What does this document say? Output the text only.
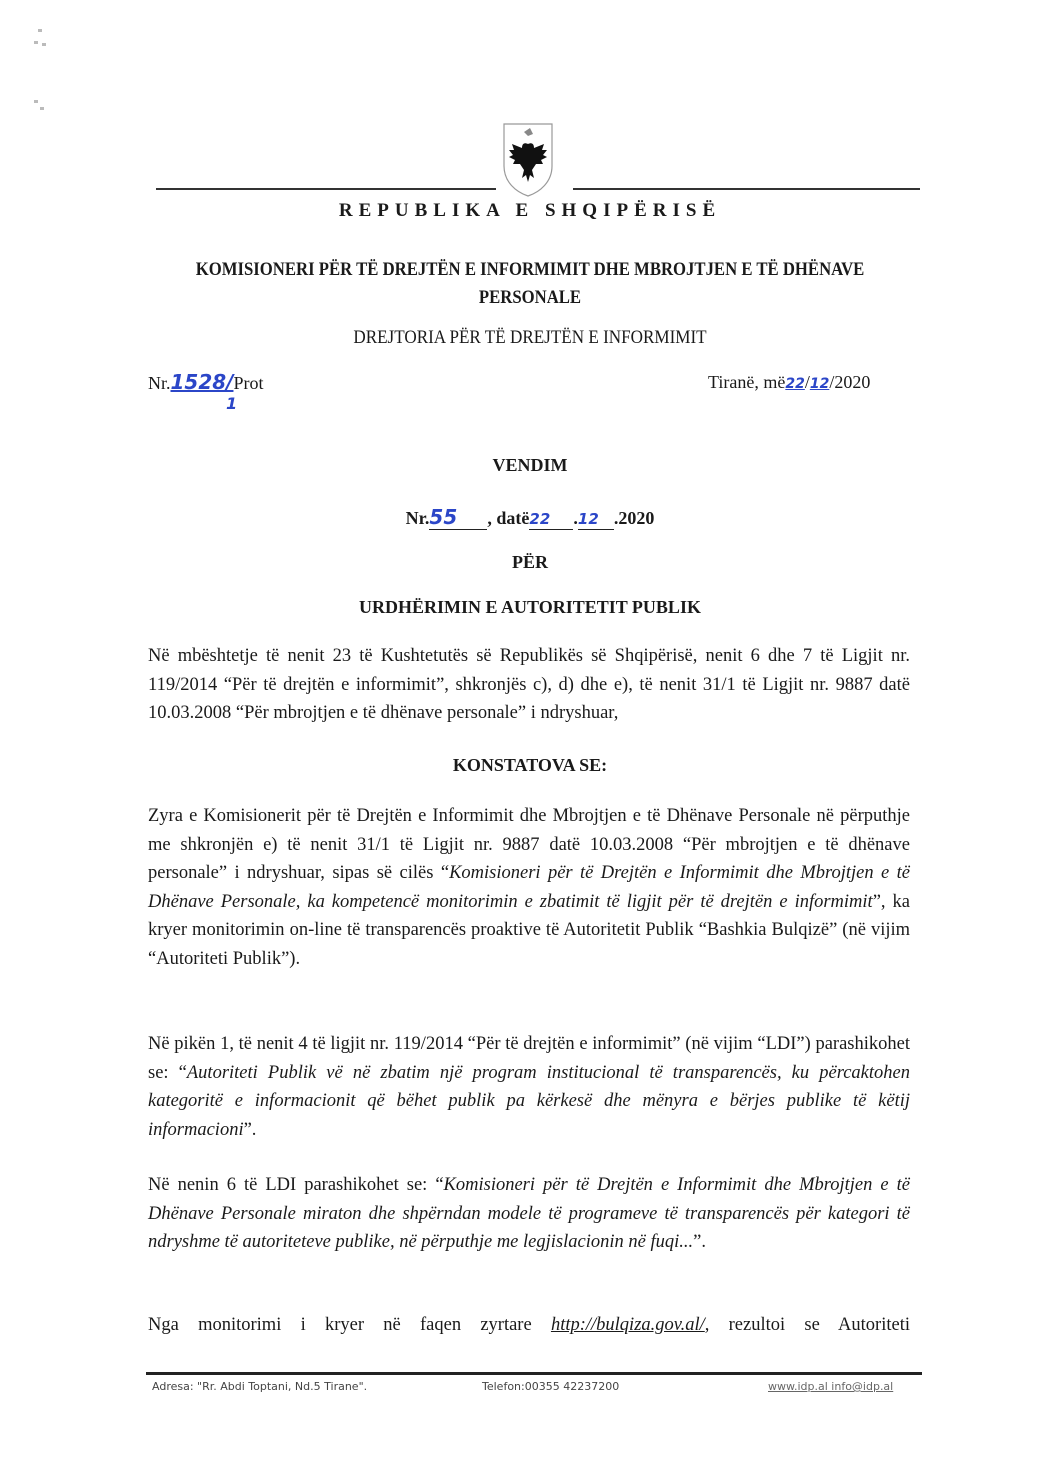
REPUBLIKA E SHQIPËRISË
KOMISIONERI PËR TË DREJTËN E INFORMIMIT DHE MBROJTJEN E TË DHËNAVE PERSONALE
DREJTORIA PËR TË DREJTËN E INFORMIMIT
Nr.1528/Prot
1
Tiranë, më22/12/2020
VENDIM
Nr.55 , datë22 .12 .2020
PËR
URDHËRIMIN E AUTORITETIT PUBLIK
Në mbështetje të nenit 23 të Kushtetutës së Republikës së Shqipërisë, nenit 6 dhe 7 të Ligjit nr. 119/2014 “Për të drejtën e informimit”, shkronjës c), d) dhe e), të nenit 31/1 të Ligjit nr. 9887 datë 10.03.2008 “Për mbrojtjen e të dhënave personale” i ndryshuar,
KONSTATOVA SE:
Zyra e Komisionerit për të Drejtën e Informimit dhe Mbrojtjen e të Dhënave Personale në përputhje me shkronjën e) të nenit 31/1 të Ligjit nr. 9887 datë 10.03.2008 “Për mbrojtjen e të dhënave personale” i ndryshuar, sipas së cilës “Komisioneri për të Drejtën e Informimit dhe Mbrojtjen e të Dhënave Personale, ka kompetencë monitorimin e zbatimit të ligjit për të drejtën e informimit”, ka kryer monitorimin on-line të transparencës proaktive të Autoritetit Publik “Bashkia Bulqizë” (në vijim “Autoriteti Publik”).
Në pikën 1, të nenit 4 të ligjit nr. 119/2014 “Për të drejtën e informimit” (në vijim “LDI”) parashikohet se: “Autoriteti Publik vë në zbatim një program institucional të transparencës, ku përcaktohen kategoritë e informacionit që bëhet publik pa kërkesë dhe mënyra e bërjes publike të këtij informacioni”.
Në nenin 6 të LDI parashikohet se: “Komisioneri për të Drejtën e Informimit dhe Mbrojtjen e të Dhënave Personale miraton dhe shpërndan modele të programeve të transparencës për kategori të ndryshme të autoriteteve publike, në përputhje me legjislacionin në fuqi...”.
Nga monitorimi i kryer në faqen zyrtare http://bulqiza.gov.al/, rezultoi se Autoriteti
Adresa: "Rr. Abdi Toptani, Nd.5 Tirane".	Telefon:00355 42237200	www.idp.al info@idp.al
